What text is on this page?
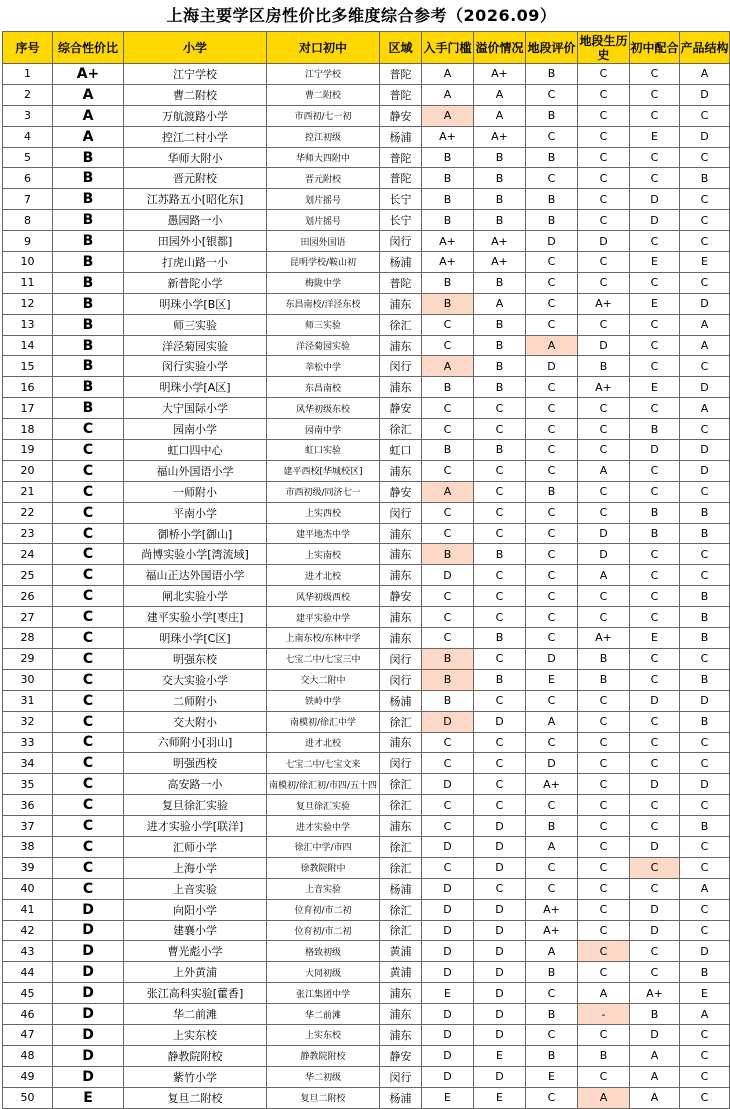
上海主要学区房性价比多维度综合参考（2026.09）
序号	综合性价比	小学	对口初中	区域	入手门槛	溢价情况	地段评价	地段生历史	初中配合	产品结构
1	A+	江宁学校	江宁学校	普陀	A	A+	B	C	C	A
2	A	曹二附校	曹二附校	普陀	A	A	C	C	C	D
3	A	万航渡路小学	市西初/七一初	静安	A	A	B	C	C	C
4	A	控江二村小学	控江初级	杨浦	A+	A+	C	C	E	D
5	B	华师大附小	华师大四附中	普陀	B	B	B	C	C	C
6	B	晋元附校	晋元附校	普陀	B	B	C	C	C	B
7	B	江苏路五小[昭化东]	划片摇号	长宁	B	B	B	C	D	C
8	B	愚园路一小	划片摇号	长宁	B	B	B	C	D	C
9	B	田园外小[银都]	田园外国语	闵行	A+	A+	D	D	C	C
10	B	打虎山路一小	昆明学校/鞍山初	杨浦	A+	A+	C	C	E	E
11	B	新普陀小学	梅陇中学	普陀	B	B	C	C	C	C
12	B	明珠小学[B区]	东昌南校/洋泾东校	浦东	B	A	C	A+	E	D
13	B	师三实验	师三实验	徐汇	C	B	C	C	C	A
14	B	洋泾菊园实验	洋泾菊园实验	浦东	C	B	A	D	C	A
15	B	闵行实验小学	莘松中学	闵行	A	B	D	B	C	C
16	B	明珠小学[A区]	东昌南校	浦东	B	B	C	A+	E	D
17	B	大宁国际小学	风华初级东校	静安	C	C	C	C	C	A
18	C	园南小学	园南中学	徐汇	C	C	C	C	B	C
19	C	虹口四中心	虹口实验	虹口	B	B	C	C	D	D
20	C	福山外国语小学	建平西校[华城校区]	浦东	C	C	C	A	C	D
21	C	一师附小	市西初级/同济七一	静安	A	C	B	C	C	C
22	C	平南小学	上实西校	闵行	C	C	C	C	B	B
23	C	御桥小学[御山]	建平地杰中学	浦东	C	C	C	D	B	B
24	C	尚博实验小学[湾流域]	上实南校	浦东	B	B	C	D	C	C
25	C	福山正达外国语小学	进才北校	浦东	D	C	C	A	C	C
26	C	闸北实验小学	风华初级西校	静安	C	C	C	C	C	B
27	C	建平实验小学[枣庄]	建平实验中学	浦东	C	C	C	C	C	B
28	C	明珠小学[C区]	上南东校/东林中学	浦东	C	B	C	A+	E	B
29	C	明强东校	七宝二中/七宝三中	闵行	B	C	D	B	C	C
30	C	交大实验小学	交大二附中	闵行	B	B	E	B	C	B
31	C	二师附小	铁岭中学	杨浦	B	C	C	C	D	D
32	C	交大附小	南模初/徐汇中学	徐汇	D	D	A	C	C	B
33	C	六师附小[羽山]	进才北校	浦东	C	C	C	C	C	C
34	C	明强西校	七宝二中/七宝文来	闵行	C	C	D	C	C	C
35	C	高安路一小	南模初/徐汇初/市四/五十四	徐汇	D	C	A+	C	D	D
36	C	复旦徐汇实验	复旦徐汇实验	徐汇	C	C	C	C	C	C
37	C	进才实验小学[联洋]	进才实验中学	浦东	C	D	B	C	C	B
38	C	汇师小学	徐汇中学/市四	徐汇	D	D	A	C	D	C
39	C	上海小学	徐教院附中	徐汇	C	D	C	C	C	C
40	C	上音实验	上音实验	杨浦	D	C	C	C	C	A
41	D	向阳小学	位育初/市二初	徐汇	D	D	A+	C	D	C
42	D	建襄小学	位育初/市二初	徐汇	D	D	A+	C	D	C
43	D	曹光彪小学	格致初级	黄浦	D	D	A	C	C	D
44	D	上外黄浦	大同初级	黄浦	D	D	B	C	C	B
45	D	张江高科实验[藿香]	张江集团中学	浦东	E	D	C	A	A+	E
46	D	华二前滩	华二前滩	浦东	D	D	B	-	B	A
47	D	上实东校	上实东校	浦东	D	D	C	C	D	C
48	D	静教院附校	静教院附校	静安	D	E	B	B	A	C
49	D	紫竹小学	华二初级	闵行	D	D	E	C	A	C
50	E	复旦二附校	复旦二附校	杨浦	E	E	C	A	A	C
